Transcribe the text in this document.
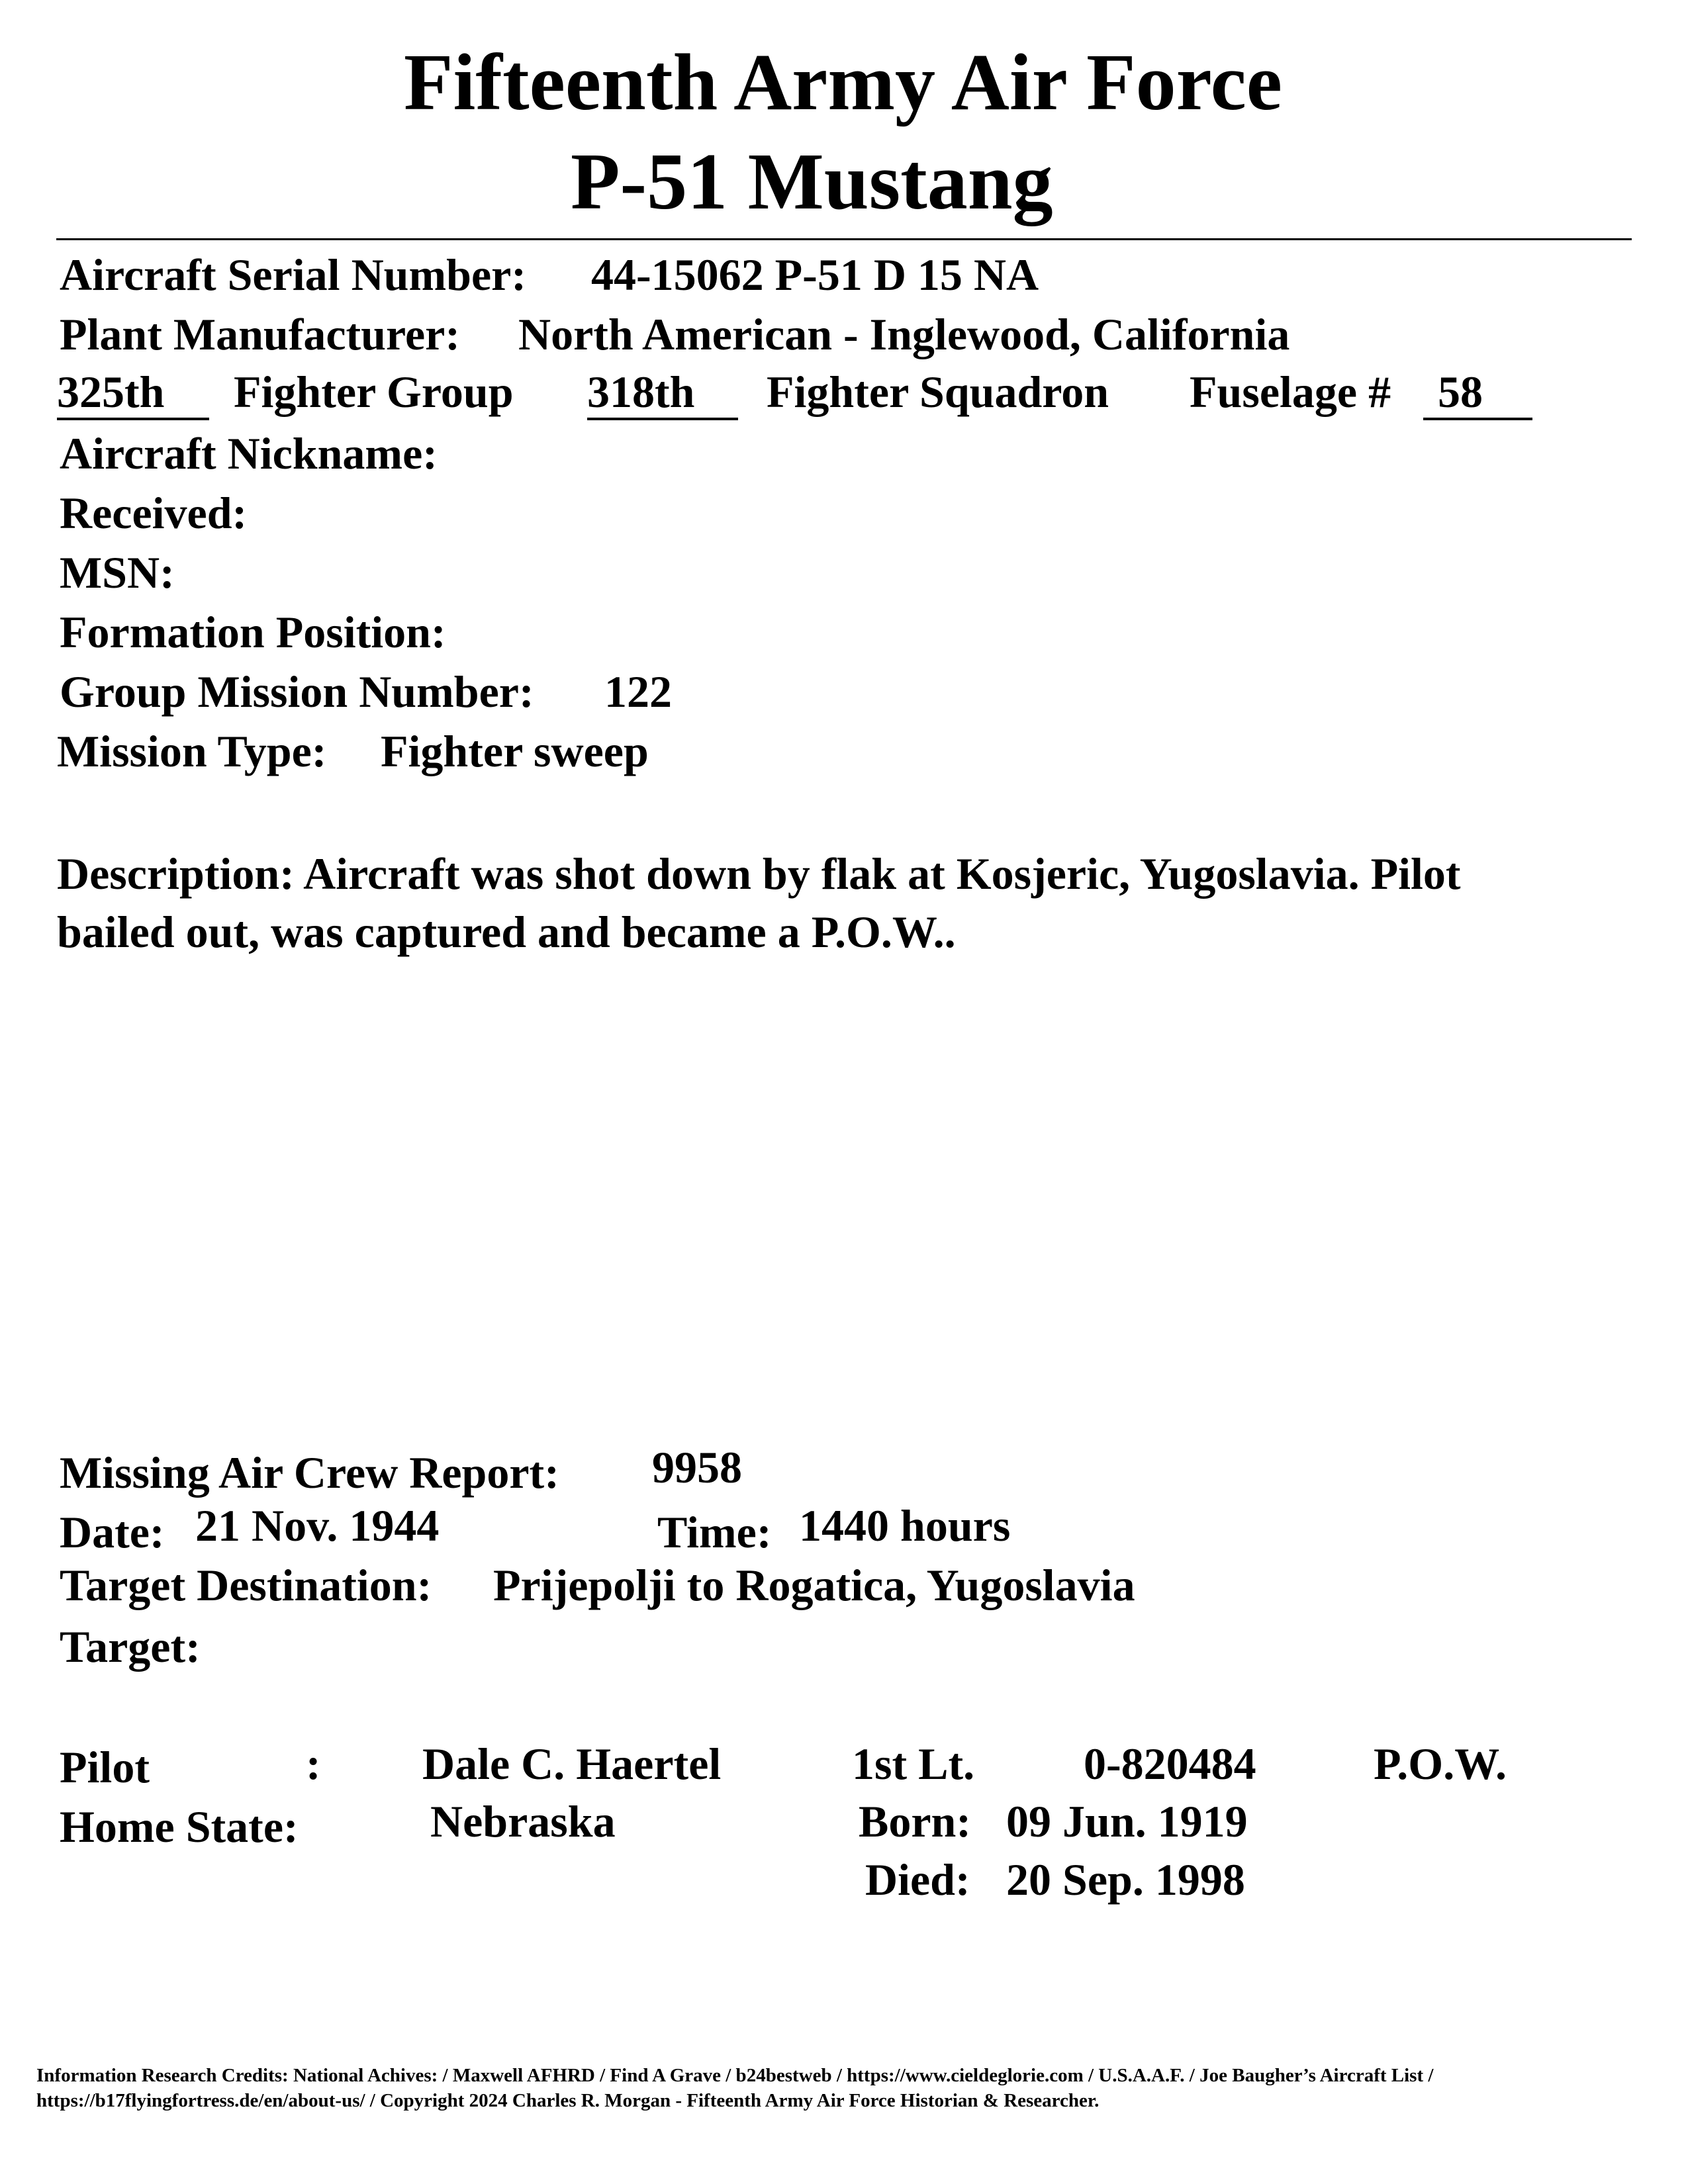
Fifteenth Army Air Force
P-51 Mustang
Aircraft Serial Number: 44-15062 P-51 D 15 NA
Plant Manufacturer: North American - Inglewood, California
325th Fighter Group 318th Fighter Squadron Fuselage # 58
Aircraft Nickname:
Received:
MSN:
Formation Position:
Group Mission Number: 122
Mission Type: Fighter sweep
Description: Aircraft was shot down by flak at Kosjeric, Yugoslavia. Pilot
bailed out, was captured and became a P.O.W..
Missing Air Crew Report: 9958
Date: 21 Nov. 1944	Time: 1440 hours
Target Destination: Prijepolji to Rogatica, Yugoslavia
Target:
Pilot	: Dale C. Haertel	1st Lt. 0-820484	P.O.W.
Home State:	Nebraska	Born: 09 Jun. 1919
Died: 20 Sep. 1998
Information Research Credits: National Achives: / Maxwell AFHRD / Find A Grave / b24bestweb / https://www.cieldeglorie.com / U.S.A.A.F. / Joe Baugher’s Aircraft List /
https://b17flyingfortress.de/en/about-us/ / Copyright 2024 Charles R. Morgan - Fifteenth Army Air Force Historian & Researcher.
